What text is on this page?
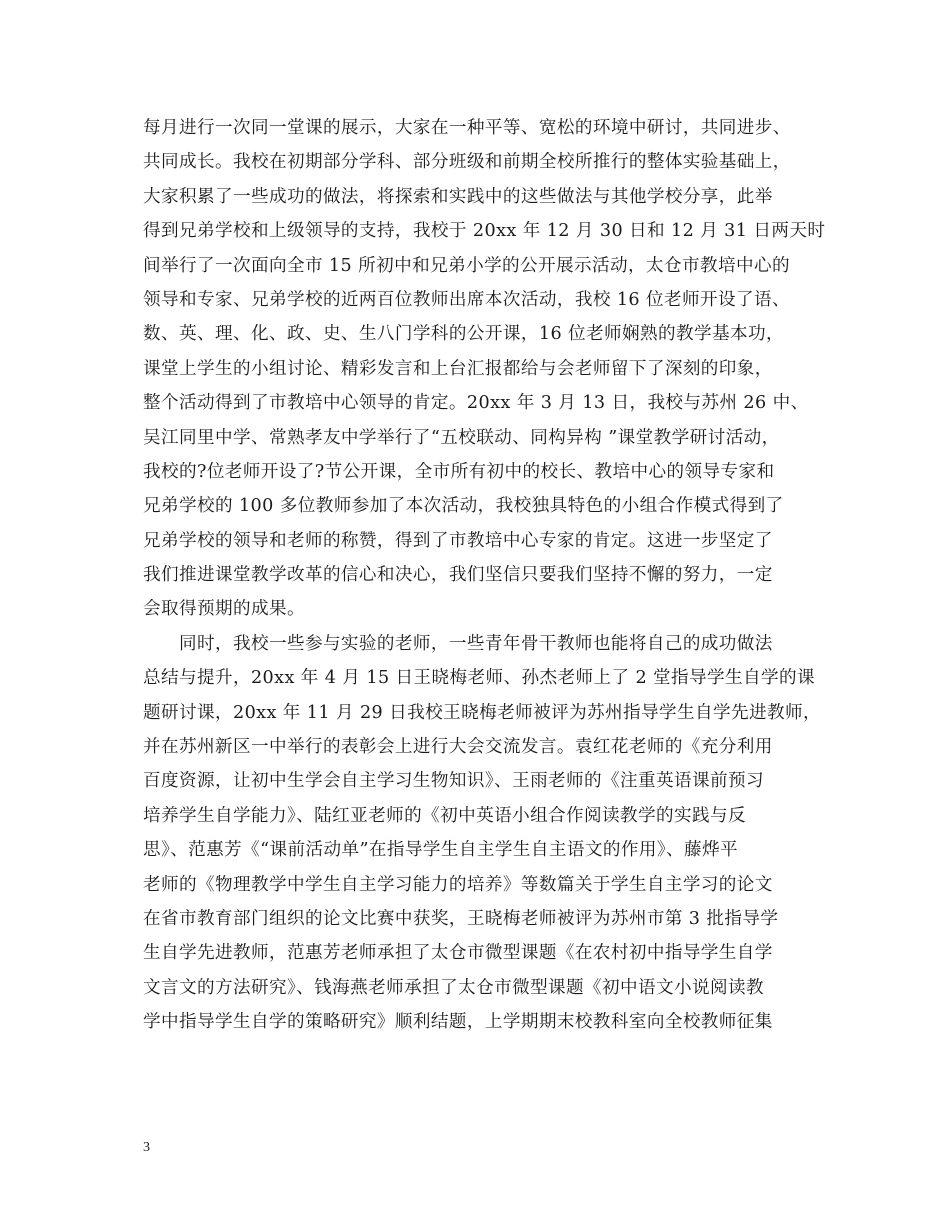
每月进行一次同一堂课的展示，大家在一种平等、宽松的环境中研讨，共同进步、
共同成长。我校在初期部分学科、部分班级和前期全校所推行的整体实验基础上，
大家积累了一些成功的做法，将探索和实践中的这些做法与其他学校分享，此举
得到兄弟学校和上级领导的支持，我校于 20xx 年 12 月 30 日和 12 月 31 日两天时
间举行了一次面向全市 15 所初中和兄弟小学的公开展示活动，太仓市教培中心的
领导和专家、兄弟学校的近两百位教师出席本次活动，我校 16 位老师开设了语、
数、英、理、化、政、史、生八门学科的公开课，16 位老师娴熟的教学基本功，
课堂上学生的小组讨论、精彩发言和上台汇报都给与会老师留下了深刻的印象，
整个活动得到了市教培中心领导的肯定。20xx 年 3 月 13 日，我校与苏州 26 中、
吴江同里中学、常熟孝友中学举行了“五校联动、同构异构 ”课堂教学研讨活动，
我校的?位老师开设了?节公开课，全市所有初中的校长、教培中心的领导专家和
兄弟学校的 100 多位教师参加了本次活动，我校独具特色的小组合作模式得到了
兄弟学校的领导和老师的称赞，得到了市教培中心专家的肯定。这进一步坚定了
我们推进课堂教学改革的信心和决心，我们坚信只要我们坚持不懈的努力，一定
会取得预期的成果。
　　同时，我校一些参与实验的老师，一些青年骨干教师也能将自己的成功做法
总结与提升，20xx 年 4 月 15 日王晓梅老师、孙杰老师上了 2 堂指导学生自学的课
题研讨课，20xx 年 11 月 29 日我校王晓梅老师被评为苏州指导学生自学先进教师，
并在苏州新区一中举行的表彰会上进行大会交流发言。袁红花老师的《充分利用
百度资源，让初中生学会自主学习生物知识》、王雨老师的《注重英语课前预习
培养学生自学能力》、陆红亚老师的《初中英语小组合作阅读教学的实践与反
思》、范惠芳《“课前活动单”在指导学生自主学生自主语文的作用》、藤烨平
老师的《物理教学中学生自主学习能力的培养》等数篇关于学生自主学习的论文
在省市教育部门组织的论文比赛中获奖，王晓梅老师被评为苏州市第 3 批指导学
生自学先进教师，范惠芳老师承担了太仓市微型课题《在农村初中指导学生自学
文言文的方法研究》、钱海燕老师承担了太仓市微型课题《初中语文小说阅读教
学中指导学生自学的策略研究》顺利结题，上学期期末校教科室向全校教师征集
3
